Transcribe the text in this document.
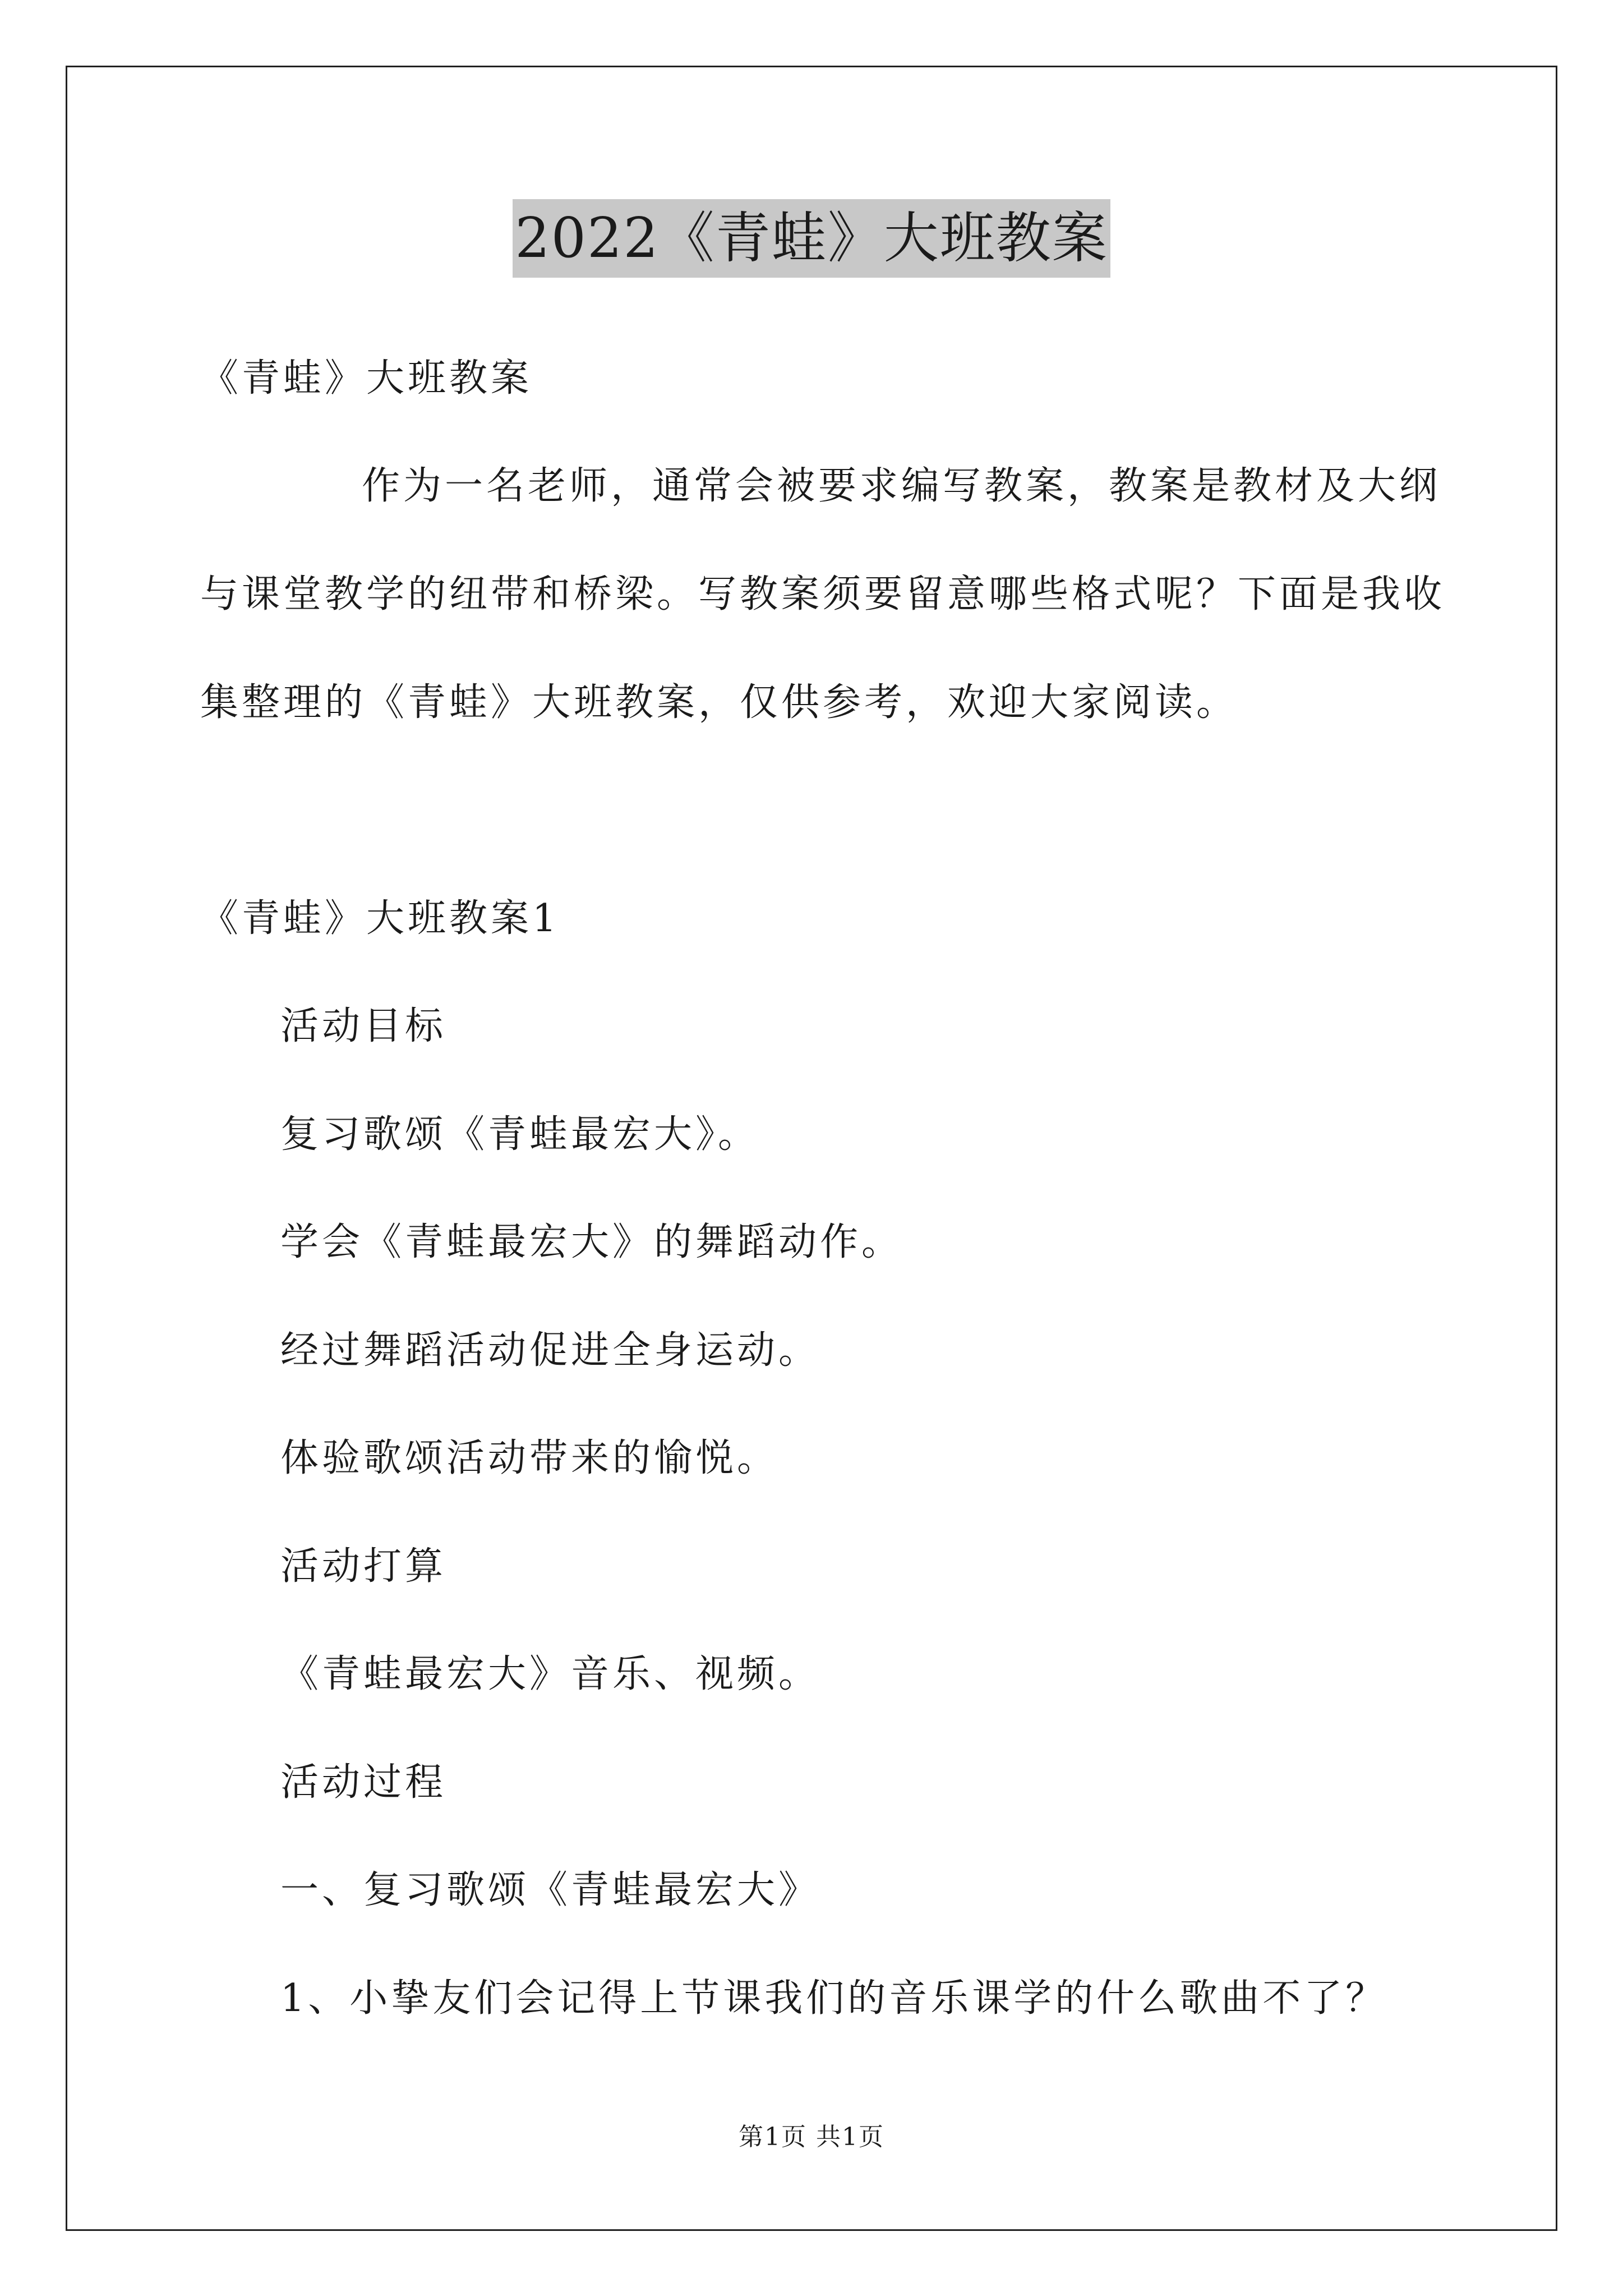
2022《青蛙》大班教案
《青蛙》大班教案
作为一名老师，通常会被要求编写教案，教案是教材及大纲
与课堂教学的纽带和桥梁。写教案须要留意哪些格式呢？下面是我收
集整理的《青蛙》大班教案，仅供参考，欢迎大家阅读。
《青蛙》大班教案1
活动目标
复习歌颂《青蛙最宏大》。
学会《青蛙最宏大》的舞蹈动作。
经过舞蹈活动促进全身运动。
体验歌颂活动带来的愉悦。
活动打算
《青蛙最宏大》音乐、视频。
活动过程
一、复习歌颂《青蛙最宏大》
1、小挚友们会记得上节课我们的音乐课学的什么歌曲不了？
第1页 共1页
